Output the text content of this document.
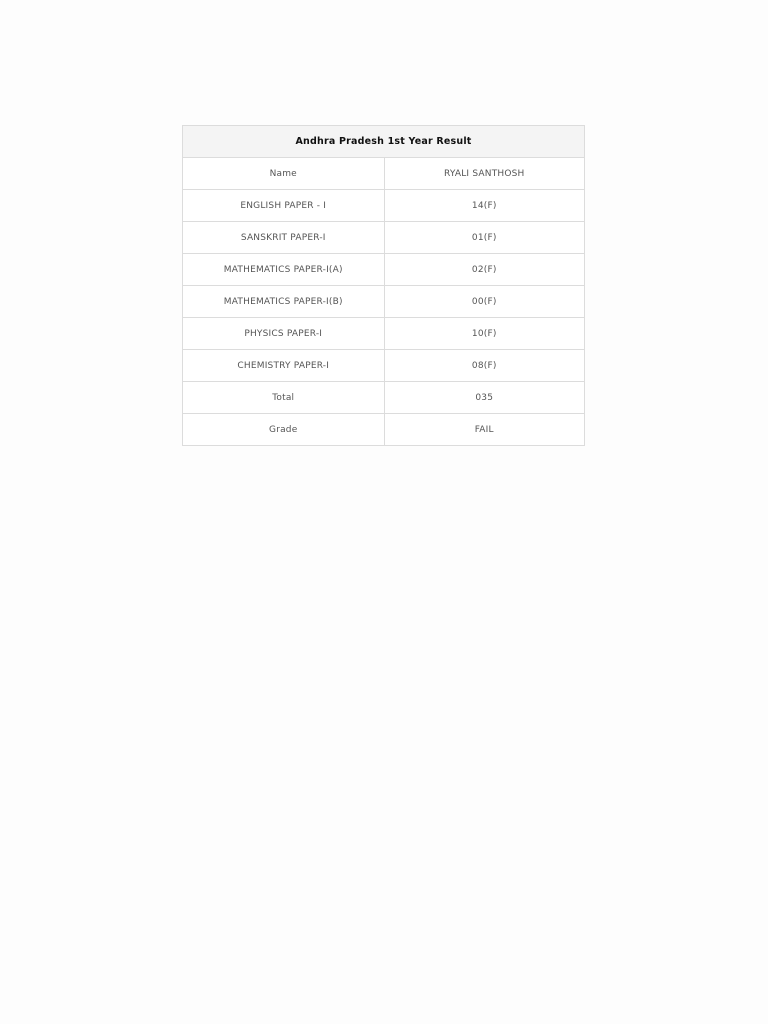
Andhra Pradesh 1st Year Result	
Name	RYALI SANTHOSH
ENGLISH PAPER - I	14(F)
SANSKRIT PAPER-I	01(F)
MATHEMATICS PAPER-I(A)	02(F)
MATHEMATICS PAPER-I(B)	00(F)
PHYSICS PAPER-I	10(F)
CHEMISTRY PAPER-I	08(F)
Total	035
Grade	FAIL
